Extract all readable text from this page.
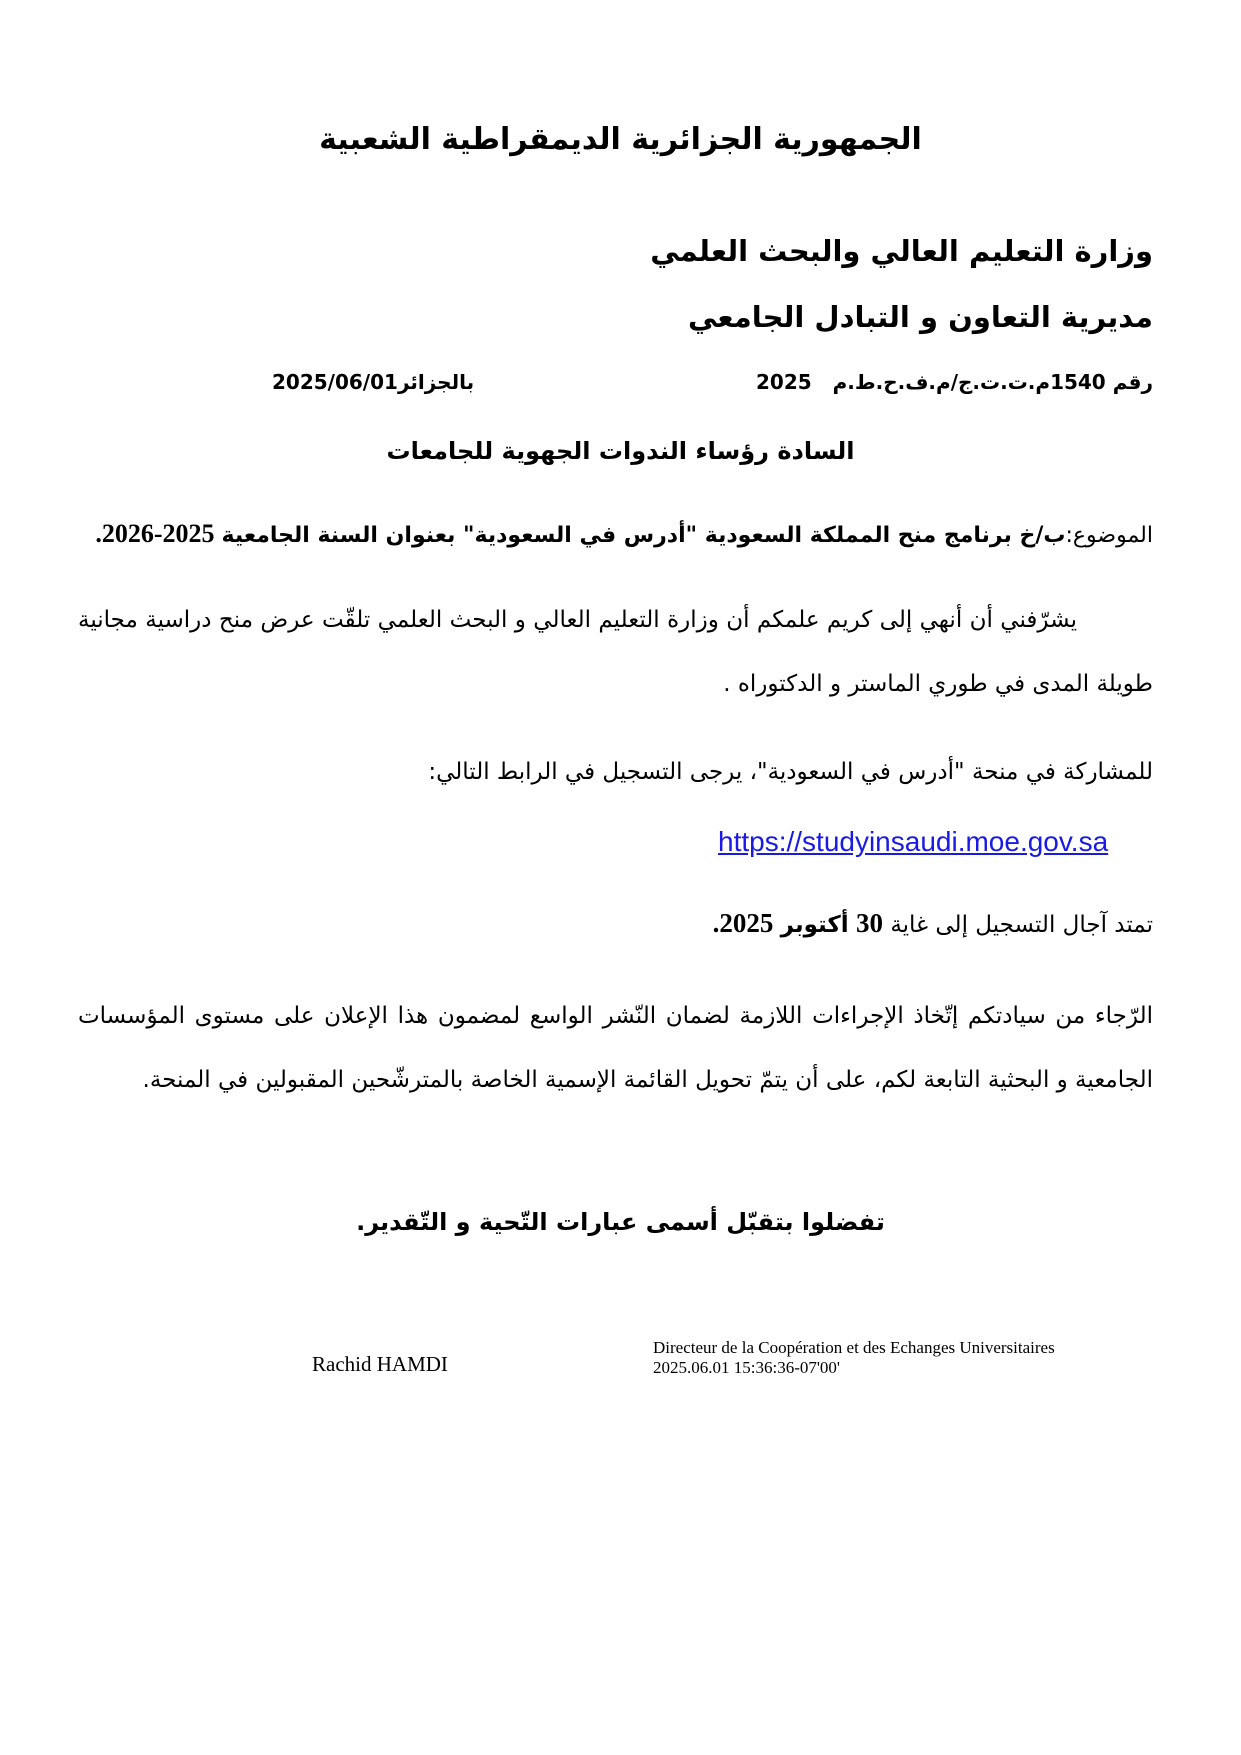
الجمهورية الجزائرية الديمقراطية الشعبية
وزارة التعليم العالي والبحث العلمي
مديرية التعاون و التبادل الجامعي
رقم 1540م.ت.ت.ج/م.ف.ح.ط.م   2025
بالجزائر2025/06/01
السادة رؤساء الندوات الجهوية للجامعات
الموضوع:ب/خ برنامج منح المملكة السعودية "أدرس في السعودية" بعنوان السنة الجامعية 2025-2026.
يشرّفني أن أنهي إلى كريم علمكم أن وزارة التعليم العالي و البحث العلمي تلقّت عرض منح دراسية مجانية طويلة المدى في طوري الماستر و الدكتوراه .
للمشاركة في منحة "أدرس في السعودية"، يرجى التسجيل في الرابط التالي:
https://studyinsaudi.moe.gov.sa
تمتد آجال التسجيل إلى غاية 30 أكتوبر 2025.
الرّجاء من سيادتكم إتّخاذ الإجراءات اللازمة لضمان النّشر الواسع لمضمون هذا الإعلان على مستوى المؤسسات الجامعية و البحثية التابعة لكم، على أن يتمّ تحويل القائمة الإسمية الخاصة بالمترشّحين المقبولين في المنحة.
تفضلوا بتقبّل أسمى عبارات التّحية و التّقدير.
Rachid HAMDI
Directeur de la Coopération et des Echanges Universitaires
2025.06.01 15:36:36-07'00'
